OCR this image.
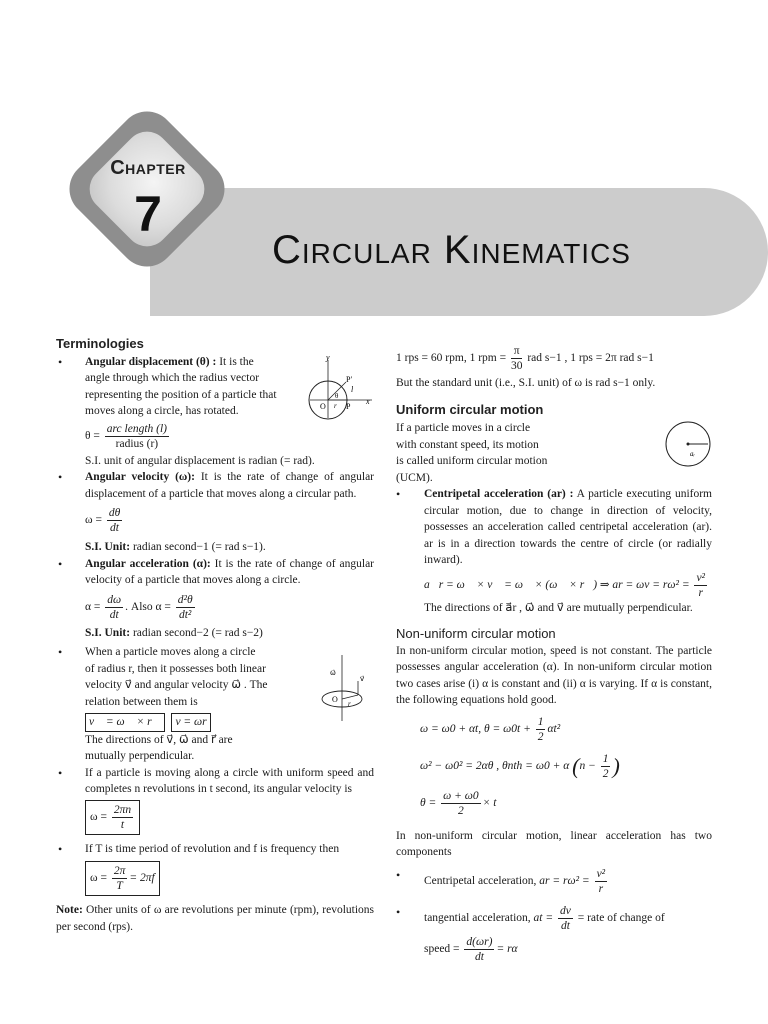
Chapter
7
Circular Kinematics
Terminologies
• Angular displacement (θ) : It is the
angle through which the radius vector
representing the position of a particle that
moves along a circle, has rotated.
$\theta = \frac{\text{arc length (l)}}{\text{radius (r)}}$
S.I. unit of angular displacement is radian (= rad).
• Angular velocity (ω): It is the rate of change of angular displacement of a particle that moves along a circular path.
$\omega = \frac{d\theta}{dt}$
S.I. Unit: radian second−1 (= rad s−1).
• Angular acceleration (α): It is the rate of change of angular velocity of a particle that moves along a circle.
$\alpha = \frac{d\omega}{dt}$ . Also $\alpha = \frac{\text{d²θ}}{\text{dt²}}$
S.I. Unit: radian second−2 (= rad s−2)
• When a particle moves along a circle
of radius r, then it possesses both linear
velocity v⃗ and angular velocity ω⃗ . The
relation between them is
v⃗ = ω⃗ × r⃗ v = ωr
The directions of v⃗, ω⃗ and r⃗ are
mutually perpendicular.
• If a particle is moving along a circle with uniform speed and completes n revolutions in t second, its angular velocity is
$\omega = \frac{2\pi n}{t}$
• If T is time period of revolution and f is frequency then
$\omega = \frac{2\pi}{T} = 2\pi f$
Note: Other units of ω are revolutions per minute (rpm), revolutions per second (rps).
y
P′
l
θ
r P
x
O
ω⃗
v⃗
O r⃗
1 rps = 60 rpm, 1 rpm = $\frac{\pi}{30}$ rad s−1 , 1 rps = 2π rad s−1
But the standard unit (i.e., S.I. unit) of ω is rad s−1 only.
Uniform circular motion
If a particle moves in a circle
with constant speed, its motion
is called uniform circular motion
(UCM).
• Centripetal acceleration (ar) : A particle executing uniform circular motion, due to change in direction of velocity, possesses an acceleration called centripetal acceleration (ar). ar is in a direction towards the centre of circle (or radially inward).
a⃗r = ω⃗ × v⃗ = ω⃗ × (ω⃗ × r⃗) ⇒ ar = $\omega v = r\omega^2 = \frac{\text{v²}}{r}$
The directions of a⃗r , ω⃗ and v⃗ are mutually perpendicular.
Non-uniform circular motion
In non-uniform circular motion, speed is not constant. The particle possesses angular acceleration (α). In non-uniform circular motion two cases arise (i) α is constant and (ii) α is varying. If α is constant, the following equations hold good.
ω = ω0 + αt, $\theta = \omega 0t + \frac{1}{2} \alpha t^2$
ω² − ω0² = 2αθ , θnth = ω0 + α ($n - \frac{1}{2}$ )
$\theta = \frac{\omega + \omega 0}{2} \times t$
In non-uniform circular motion, linear acceleration has two components
• Centripetal acceleration, ar = $r\omega^2 = \frac{\text{v²}}{r}$
• tangential acceleration, at = $\frac{dv}{dt}$ = rate of change of
speed = $\frac{d(\omega r)}{dt} = r\alpha$
aᵣ
